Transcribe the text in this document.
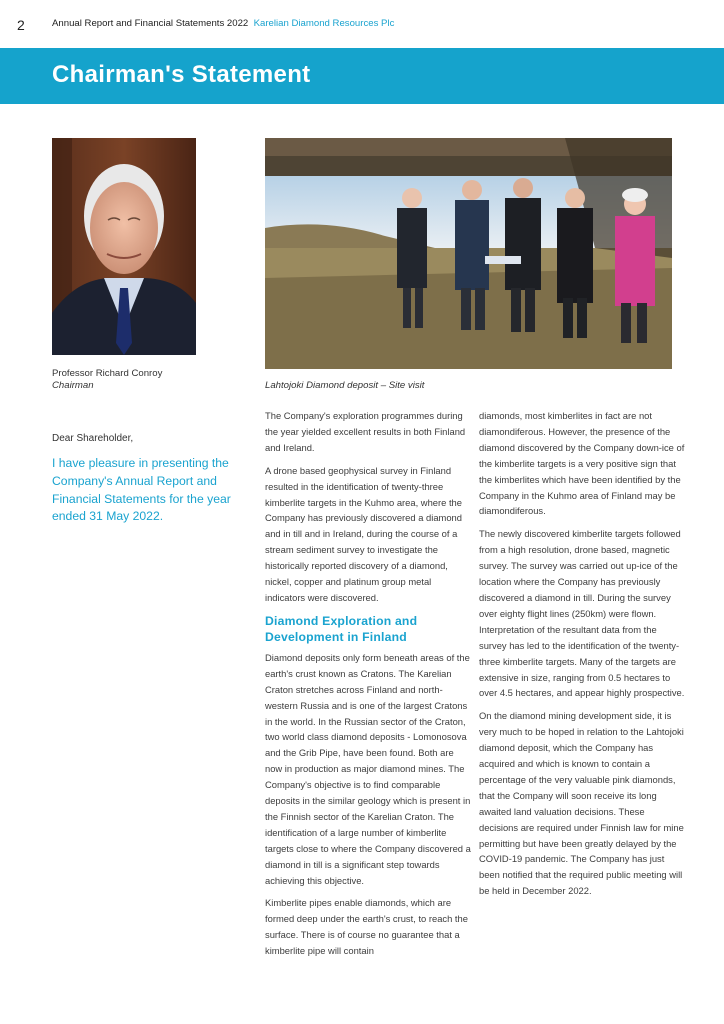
2	Annual Report and Financial Statements 2022 Karelian Diamond Resources Plc
Chairman's Statement
Professor Richard Conroy
Chairman	Lahtojoki Diamond deposit – Site visit
Dear Shareholder,
I have pleasure in presenting the Company's Annual Report and Financial Statements for the year ended 31 May 2022.

The Company's exploration programmes during the year yielded excellent results in both Finland and Ireland.

A drone based geophysical survey in Finland resulted in the identification of twenty-three kimberlite targets in the Kuhmo area, where the Company has previously discovered a diamond and in till and in Ireland, during the course of a stream sediment survey to investigate the historically reported discovery of a diamond, nickel, copper and platinum group metal indicators were discovered.

Diamond Exploration and Development in Finland

Diamond deposits only form beneath areas of the earth's crust known as Cratons. The Karelian Craton stretches across Finland and north-western Russia and is one of the largest Cratons in the world. In the Russian sector of the Craton, two world class diamond deposits - Lomonosova and the Grib Pipe, have been found. Both are now in production as major diamond mines. The Company's objective is to find comparable deposits in the similar geology which is present in the Finnish sector of the Karelian Craton. The identification of a large number of kimberlite targets close to where the Company discovered a diamond in till is a significant step towards achieving this objective.

Kimberlite pipes enable diamonds, which are formed deep under the earth's crust, to reach the surface. There is of course no guarantee that a kimberlite pipe will contain

diamonds, most kimberlites in fact are not diamondiferous. However, the presence of the diamond discovered by the Company down-ice of the kimberlite targets is a very positive sign that the kimberlites which have been identified by the Company in the Kuhmo area of Finland may be diamondiferous.

The newly discovered kimberlite targets followed from a high resolution, drone based, magnetic survey. The survey was carried out up-ice of the location where the Company has previously discovered a diamond in till. During the survey over eighty flight lines (250km) were flown. Interpretation of the resultant data from the survey has led to the identification of the twenty-three kimberlite targets. Many of the targets are extensive in size, ranging from 0.5 hectares to over 4.5 hectares, and appear highly prospective.

On the diamond mining development side, it is very much to be hoped in relation to the Lahtojoki diamond deposit, which the Company has acquired and which is known to contain a percentage of the very valuable pink diamonds, that the Company will soon receive its long awaited land valuation decisions. These decisions are required under Finnish law for mine permitting but have been greatly delayed by the COVID-19 pandemic. The Company has just been notified that the required public meeting will be held in December 2022.
